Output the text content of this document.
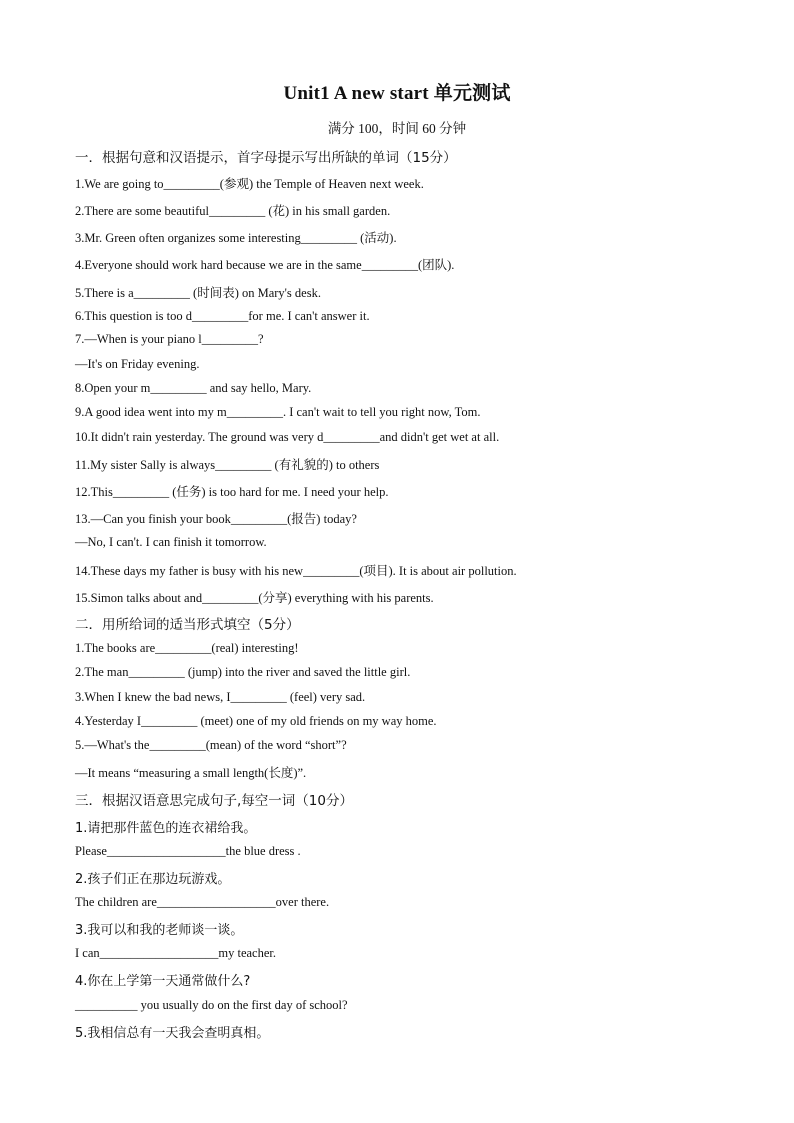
Unit1 A new start 单元测试
满分 100，时间 60 分钟
一．根据句意和汉语提示，首字母提示写出所缺的单词（15分）
1.We are going to_________(参观) the Temple of Heaven next week.
2.There are some beautiful_________ (花) in his small garden.
3.Mr. Green often organizes some interesting_________ (活动).
4.Everyone should work hard because we are in the same_________(团队).
5.There is a_________ (时间表) on Mary's desk.
6.This question is too d_________for me. I can't answer it.
7.—When is your piano l_________?
—It's on Friday evening.
8.Open your m_________ and say hello, Mary.
9.A good idea went into my m_________. I can't wait to tell you right now, Tom.
10.It didn't rain yesterday. The ground was very d_________and didn't get wet at all.
11.My sister Sally is always_________ (有礼貌的) to others
12.This_________ (任务) is too hard for me. I need your help.
13.—Can you finish your book_________(报告) today?
—No, I can't. I can finish it tomorrow.
14.These days my father is busy with his new_________(项目). It is about air pollution.
15.Simon talks about and_________(分享) everything with his parents.
二．用所给词的适当形式填空（5分）
1.The books are_________(real) interesting!
2.The man_________ (jump) into the river and saved the little girl.
3.When I knew the bad news, I_________ (feel) very sad.
4.Yesterday I_________ (meet) one of my old friends on my way home.
5.—What's the_________(mean) of the word “short”?
—It means “measuring a small length(长度)”.
三．根据汉语意思完成句子,每空一词（10分）
1.请把那件蓝色的连衣裙给我。
Please___________________the blue dress .
2.孩子们正在那边玩游戏。
The children are___________________over there.
3.我可以和我的老师谈一谈。
I can___________________my teacher.
4.你在上学第一天通常做什么?
__________ you usually do on the first day of school?
5.我相信总有一天我会查明真相。
